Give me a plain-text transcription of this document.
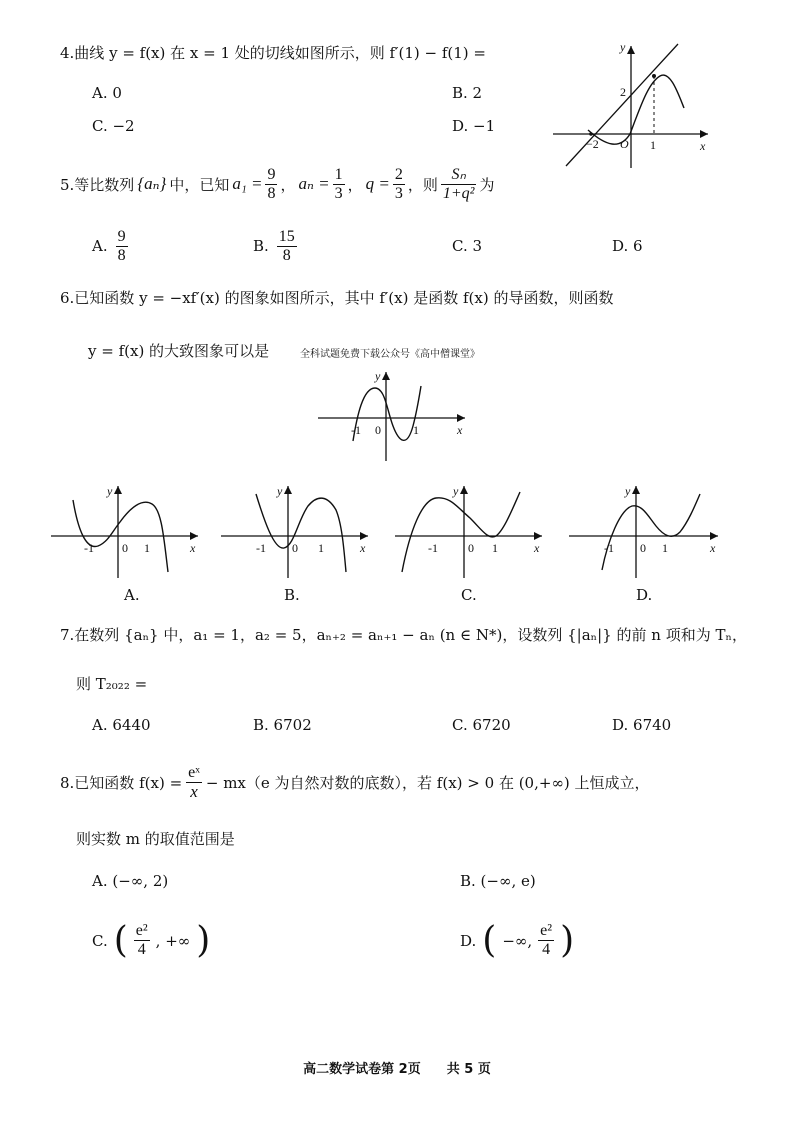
4.曲线 y = f(x) 在 x = 1 处的切线如图所示，则 f′(1) − f(1) =
A. 0	B. 2
C. −2	D. −1
y
x
2
−2 O 1
5.等比数列 {aₙ} 中，已知 $a_1 = \frac{9}{8}$ ， $a_n = \frac{1}{3}$ ， $q = \frac{2}{3}$ ，则 $\frac{\text{Sₙ}}{\text{1+q²}}$ 为
A. $\frac{9}{8}$	B. $\frac{15}{8}$	C. 3	D. 6
6.已知函数 y = −xf′(x) 的图象如图所示，其中 f′(x) 是函数 f(x) 的导函数，则函数
y = f(x) 的大致图象可以是	全科试题免费下载公众号《高中僧课堂》
y
x
-1 0	1
y
x
-1 0 1
A.
y
x
-1 0 1
B.
y
x
-1	0 1
C.
y
x
-1 0 1
D.
7.在数列 {aₙ} 中，a₁ = 1，a₂ = 5，aₙ₊₂ = aₙ₊₁ − aₙ (n ∈ N*)，设数列 {|aₙ|} 的前 n 项和为 Tₙ，
则 T₂₀₂₂ =
A. 6440	B. 6702	C. 6720	D. 6740
8.已知函数 $f(x) = \frac{\text{eˣ}}{x} - mx(e$ 为自然对数的底数），若 f(x) > 0 在 (0,+∞) 上恒成立，
则实数 m 的取值范围是
A. (−∞, 2)	B. (−∞, e)
C. ( $\frac{\text{e²}}{4}$ , +∞ )	D. ( −∞, $\frac{\text{e²}}{4}$ )
高二数学试卷第 2页　　共 5 页
